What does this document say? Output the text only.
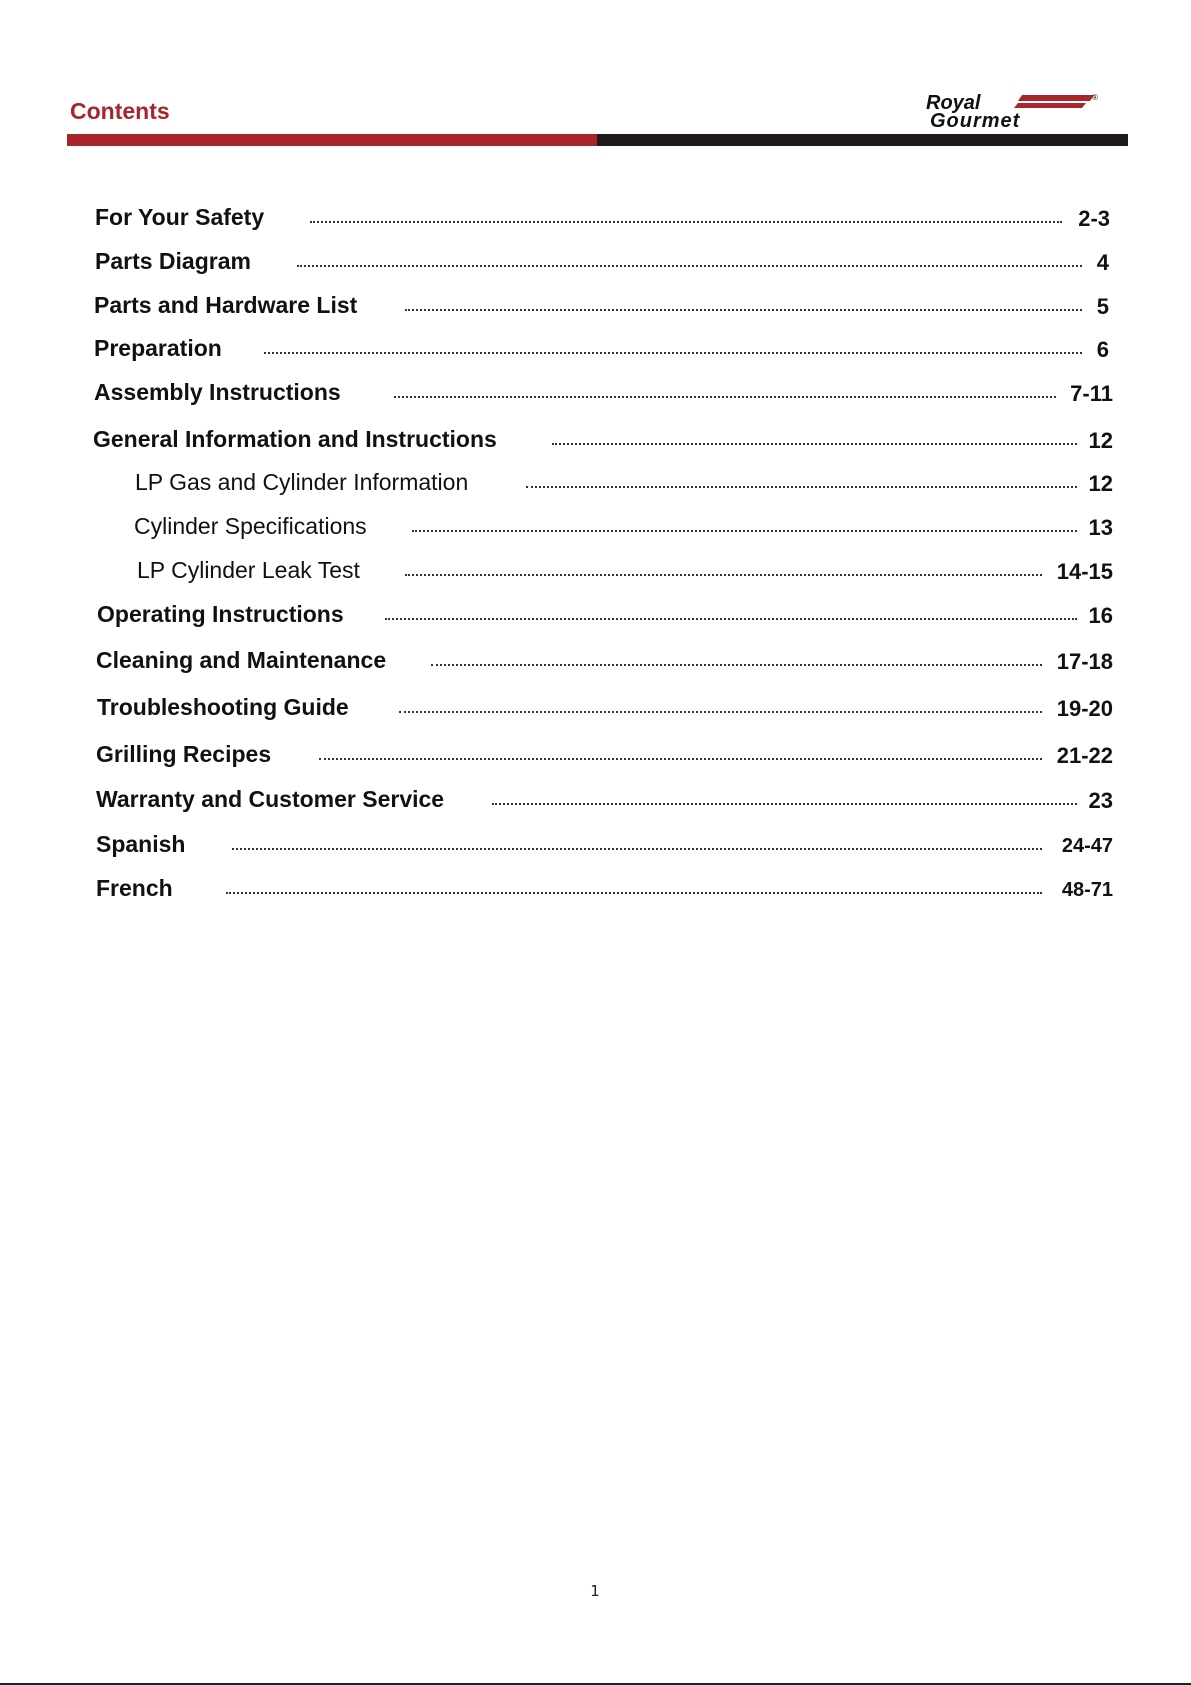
Contents	Royal	®
Gourmet
For Your Safety	2-3
Parts Diagram	4
Parts and Hardware List	5
Preparation	6
Assembly Instructions	7-11
General Information and Instructions	12
LP Gas and Cylinder Information	12
Cylinder Specifications	13
LP Cylinder Leak Test	14-15
Operating Instructions	16
Cleaning and Maintenance	17-18
Troubleshooting Guide	19-20
Grilling Recipes	21-22
Warranty and Customer Service	23
Spanish	24-47
French	48-71
1
